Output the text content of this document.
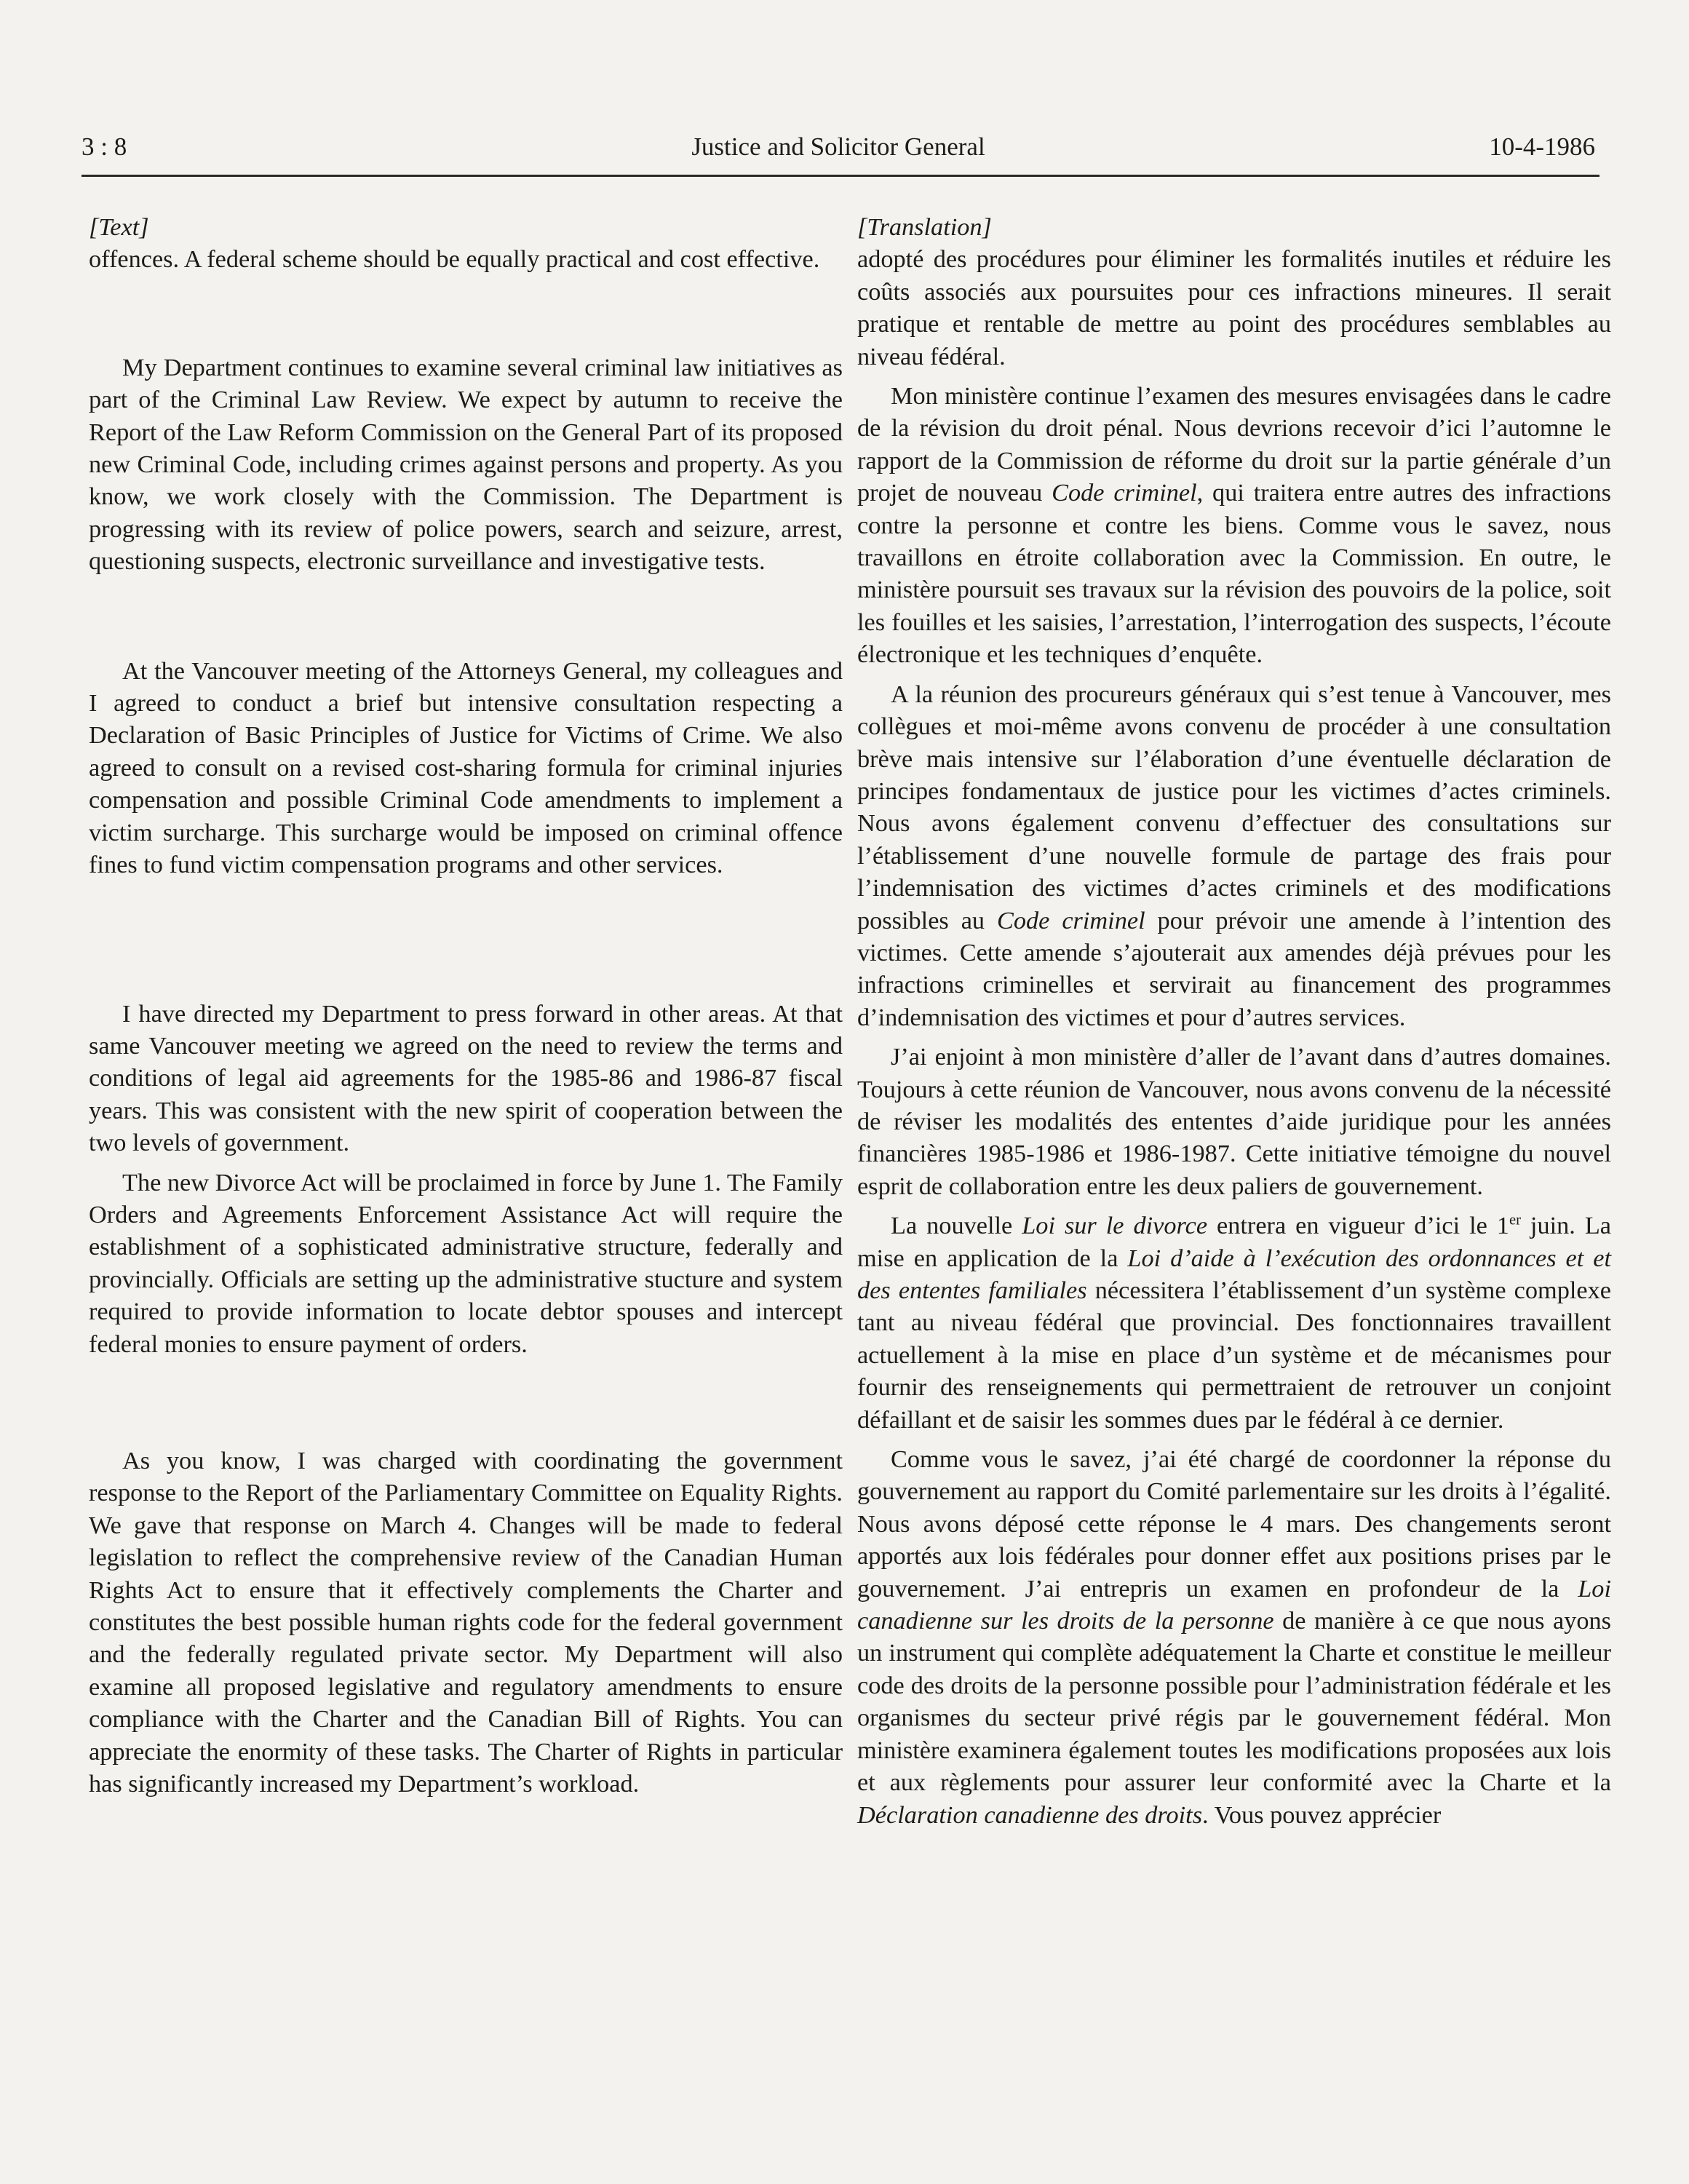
3 : 8	Justice and Solicitor General	10-4-1986

[Text]

offences. A federal scheme should be equally practical and cost effective.

My Department continues to examine several criminal law initiatives as part of the Criminal Law Review. We expect by autumn to receive the Report of the Law Reform Commission on the General Part of its proposed new Criminal Code, including crimes against persons and property. As you know, we work closely with the Commission. The Department is progressing with its review of police powers, search and seizure, arrest, questioning suspects, electronic surveillance and investigative tests.

At the Vancouver meeting of the Attorneys General, my colleagues and I agreed to conduct a brief but intensive consultation respecting a Declaration of Basic Principles of Justice for Victims of Crime. We also agreed to consult on a revised cost-sharing formula for criminal injuries compensation and possible Criminal Code amendments to implement a victim surcharge. This surcharge would be imposed on criminal offence fines to fund victim compensation programs and other services.

I have directed my Department to press forward in other areas. At that same Vancouver meeting we agreed on the need to review the terms and conditions of legal aid agreements for the 1985-86 and 1986-87 fiscal years. This was consistent with the new spirit of cooperation between the two levels of government.

The new Divorce Act will be proclaimed in force by June 1. The Family Orders and Agreements Enforcement Assistance Act will require the establishment of a sophisticated administrative structure, federally and provincially. Officials are setting up the administrative stucture and system required to provide information to locate debtor spouses and intercept federal monies to ensure payment of orders.

As you know, I was charged with coordinating the government response to the Report of the Parliamentary Committee on Equality Rights. We gave that response on March 4. Changes will be made to federal legislation to reflect the comprehensive review of the Canadian Human Rights Act to ensure that it effectively complements the Charter and constitutes the best possible human rights code for the federal government and the federally regulated private sector. My Department will also examine all proposed legislative and regulatory amendments to ensure compliance with the Charter and the Canadian Bill of Rights. You can appreciate the enormity of these tasks. The Charter of Rights in particular has significantly increased my Department’s workload.

[Translation]

adopté des procédures pour éliminer les formalités inutiles et réduire les coûts associés aux poursuites pour ces infractions mineures. Il serait pratique et rentable de mettre au point des procédures semblables au niveau fédéral.

Mon ministère continue l’examen des mesures envisagées dans le cadre de la révision du droit pénal. Nous devrions recevoir d’ici l’automne le rapport de la Commission de réforme du droit sur la partie générale d’un projet de nouveau Code criminel, qui traitera entre autres des infractions contre la personne et contre les biens. Comme vous le savez, nous travaillons en étroite collaboration avec la Commission. En outre, le ministère poursuit ses travaux sur la révision des pouvoirs de la police, soit les fouilles et les saisies, l’arrestation, l’interrogation des suspects, l’écoute électronique et les techniques d’enquête.

A la réunion des procureurs généraux qui s’est tenue à Vancouver, mes collègues et moi-même avons convenu de procéder à une consultation brève mais intensive sur l’élaboration d’une éventuelle déclaration de principes fondamentaux de justice pour les victimes d’actes criminels. Nous avons également convenu d’effectuer des consultations sur l’établissement d’une nouvelle formule de partage des frais pour l’indemnisation des victimes d’actes criminels et des modifications possibles au Code criminel pour prévoir une amende à l’intention des victimes. Cette amende s’ajouterait aux amendes déjà prévues pour les infractions criminelles et servirait au financement des programmes d’indemnisation des victimes et pour d’autres services.

J’ai enjoint à mon ministère d’aller de l’avant dans d’autres domaines. Toujours à cette réunion de Vancouver, nous avons convenu de la nécessité de réviser les modalités des ententes d’aide juridique pour les années financières 1985-1986 et 1986-1987. Cette initiative témoigne du nouvel esprit de collaboration entre les deux paliers de gouvernement.

La nouvelle Loi sur le divorce entrera en vigueur d’ici le 1er juin. La mise en application de la Loi d’aide à l’exécution des ordonnances et et des ententes familiales nécessitera l’établissement d’un système complexe tant au niveau fédéral que provincial. Des fonctionnaires travaillent actuellement à la mise en place d’un système et de mécanismes pour fournir des renseignements qui permettraient de retrouver un conjoint défaillant et de saisir les sommes dues par le fédéral à ce dernier.

Comme vous le savez, j’ai été chargé de coordonner la réponse du gouvernement au rapport du Comité parlementaire sur les droits à l’égalité. Nous avons déposé cette réponse le 4 mars. Des changements seront apportés aux lois fédérales pour donner effet aux positions prises par le gouvernement. J’ai entrepris un examen en profondeur de la Loi canadienne sur les droits de la personne de manière à ce que nous ayons un instrument qui complète adéquatement la Charte et constitue le meilleur code des droits de la personne possible pour l’administration fédérale et les organismes du secteur privé régis par le gouvernement fédéral. Mon ministère examinera également toutes les modifications proposées aux lois et aux règlements pour assurer leur conformité avec la Charte et la Déclaration canadienne des droits. Vous pouvez apprécier
